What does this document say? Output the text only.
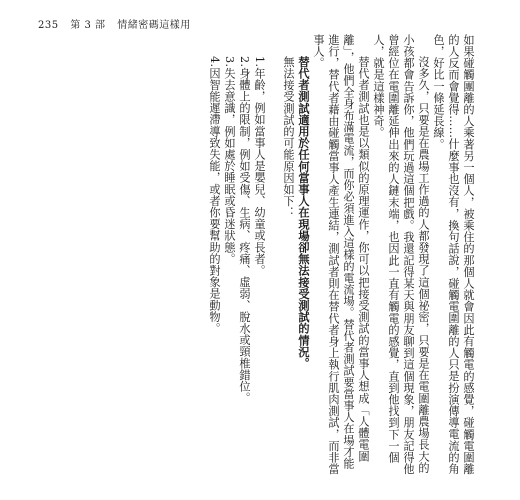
235 第 3 部 情緒密碼這樣用

如果碰觸團離的人乘著另一個人，被乘住的那個人就會因此有觸電的感覺，碰觸電圍離的人反而會覺得……什麼事也沒有，換句話說，碰觸電圍離的人只是扮演傳導電流的角色，好比一條延長線。

沒多久，只要是在農場工作過的人都發現了這個祕密，只要是在電圍離農場長大的小孩都會告訴你，他們玩過這個把戲。我還記得某天與朋友聊到這個現象，朋友記得他曾經位在電圍離延伸出來的人鏈末端，也因此一直有觸電的感覺，直到他找到下一個人，就是這樣神奇。

替代者測試也是以類似的原理運作，你可以把接受測試的當事人想成「人體電圍離」，他們全身布滿電流，而你必須進入這樣的電流場。替代者測試要當事人在場才能進行，替代者藉由碰觸當事人產生連結，測試者則在替代者身上執行肌肉測試，而非當事人。

替代者測試適用於任何當事人在現場卻無法接受測試的情況。

無法接受測試的可能原因如下：

1.年齡，例如當事人是嬰兒、幼童或長者。

2.身體上的限制，例如受傷、生病、疼痛、虛弱、脫水或頸椎錯位。

3.失去意識，例如處於睡眠或昏迷狀態。

4.因智能遲滯導致失能，或者你要幫助的對象是動物。
